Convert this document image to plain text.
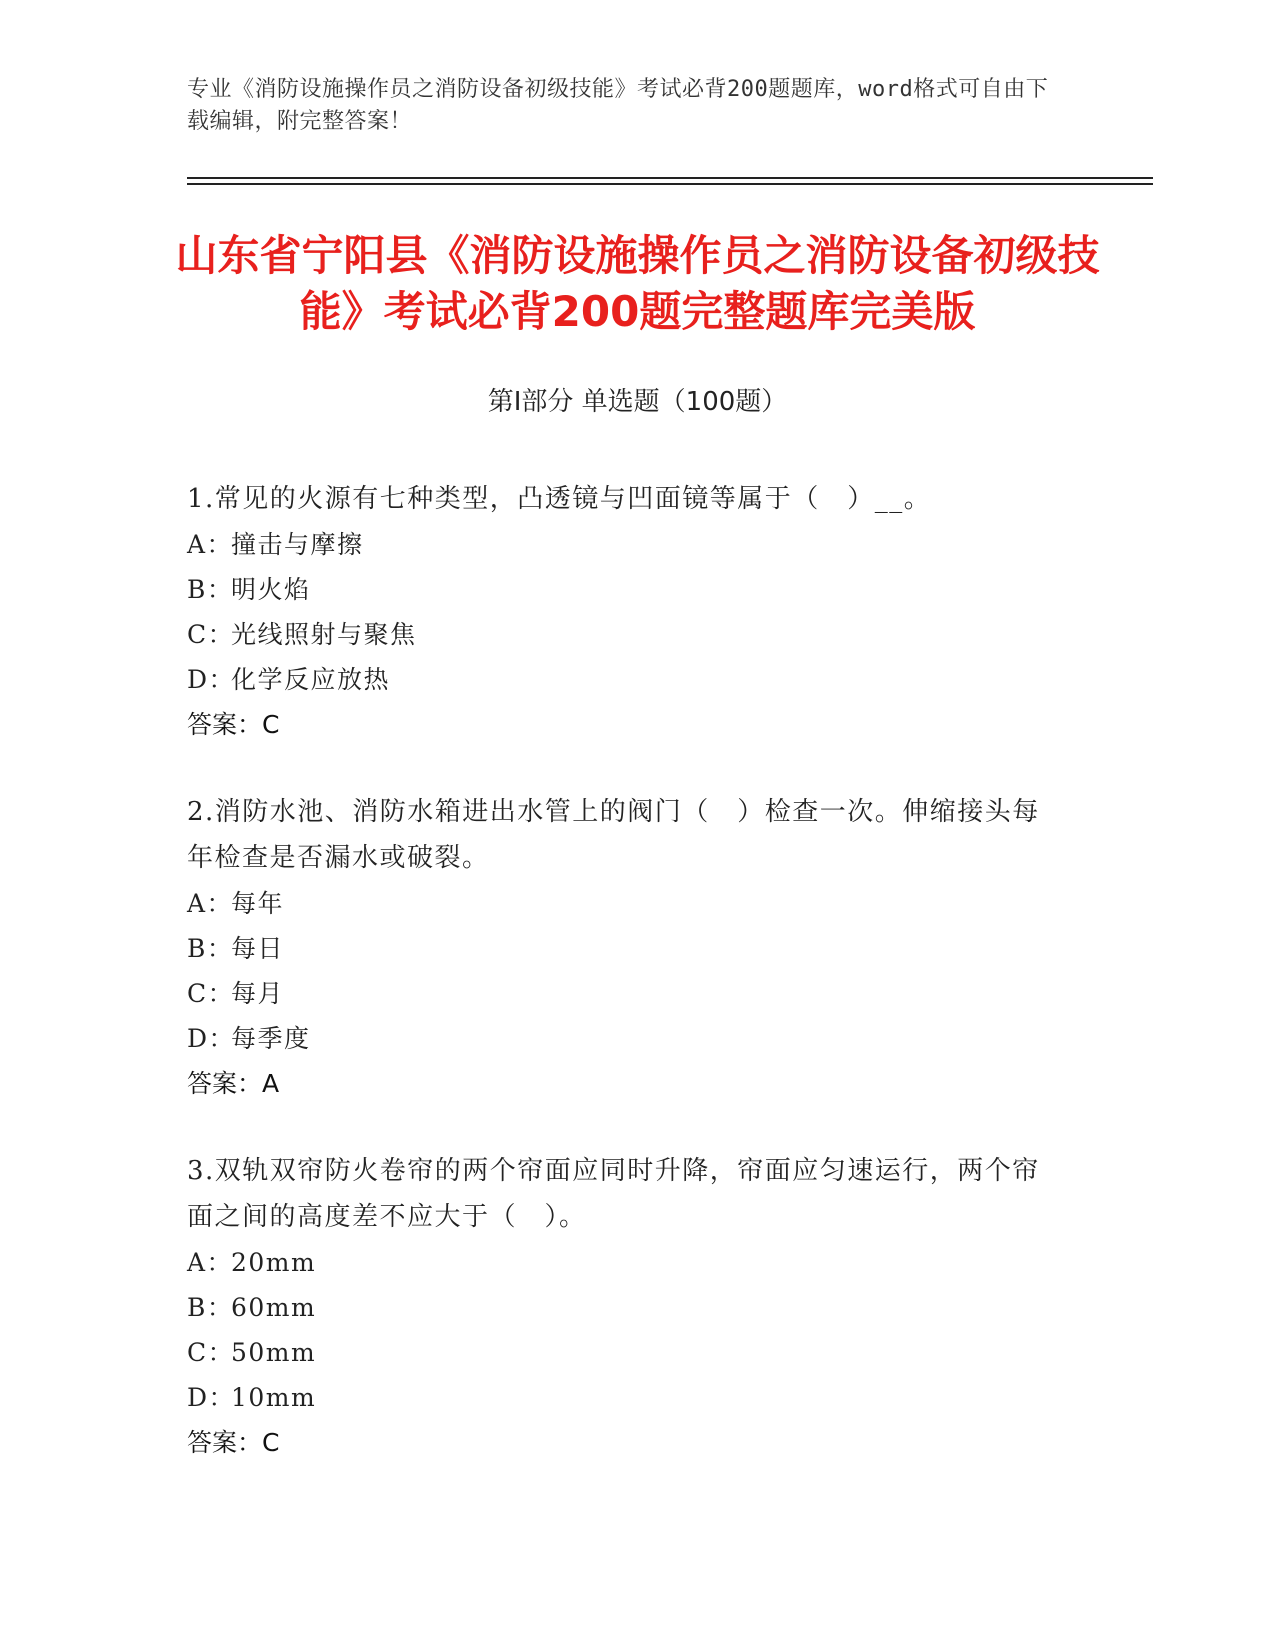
专业《消防设施操作员之消防设备初级技能》考试必背200题题库，word格式可自由下载编辑，附完整答案！
山东省宁阳县《消防设施操作员之消防设备初级技能》考试必背200题完整题库完美版
第I部分 单选题（100题）

1.常见的火源有七种类型，凸透镜与凹面镜等属于（　）__。

A：
撞击与摩擦
B：
明火焰
C：
光线照射与聚焦
D：
化学反应放热
答案：C

2.消防水池、消防水箱进出水管上的阀门（　）检查一次。伸缩接头每年检查是否漏水或破裂。

A：
每年
B：
每日
C：
每月
D：
每季度
答案：A

3.双轨双帘防火卷帘的两个帘面应同时升降，帘面应匀速运行，两个帘面之间的高度差不应大于（　）。

A：
20mm
B：
60mm
C：
50mm
D：
10mm
答案：C
